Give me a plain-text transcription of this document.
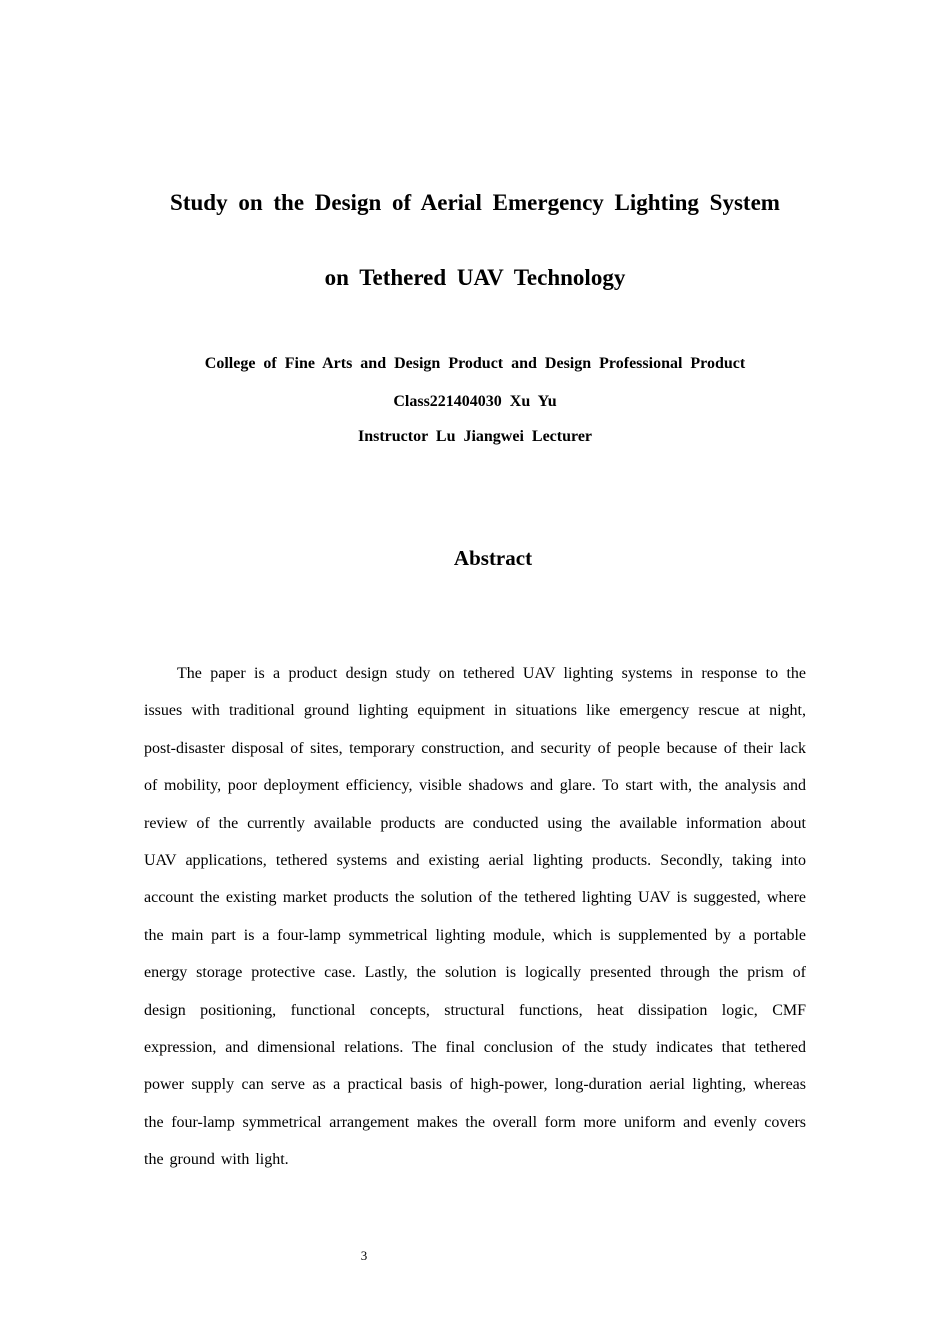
Study on the Design of Aerial Emergency Lighting System
on Tethered UAV Technology
College of Fine Arts and Design Product and Design Professional Product
Class221404030 Xu Yu
Instructor Lu Jiangwei Lecturer
Abstract

The paper is a product design study on tethered UAV lighting systems in response to the issues with traditional ground lighting equipment in situations like emergency rescue at night, post-disaster disposal of sites, temporary construction, and security of people because of their lack of mobility, poor deployment efficiency, visible shadows and glare. To start with, the analysis and review of the currently available products are conducted using the available information about UAV applications, tethered systems and existing aerial lighting products. Secondly, taking into account the existing market products the solution of the tethered lighting UAV is suggested, where the main part is a four-lamp symmetrical lighting module, which is supplemented by a portable energy storage protective case. Lastly, the solution is logically presented through the prism of design positioning, functional concepts, structural functions, heat dissipation logic, CMF expression, and dimensional relations. The final conclusion of the study indicates that tethered power supply can serve as a practical basis of high-power, long-duration aerial lighting, whereas the four-lamp symmetrical arrangement makes the overall form more uniform and evenly covers the ground with light.

3
